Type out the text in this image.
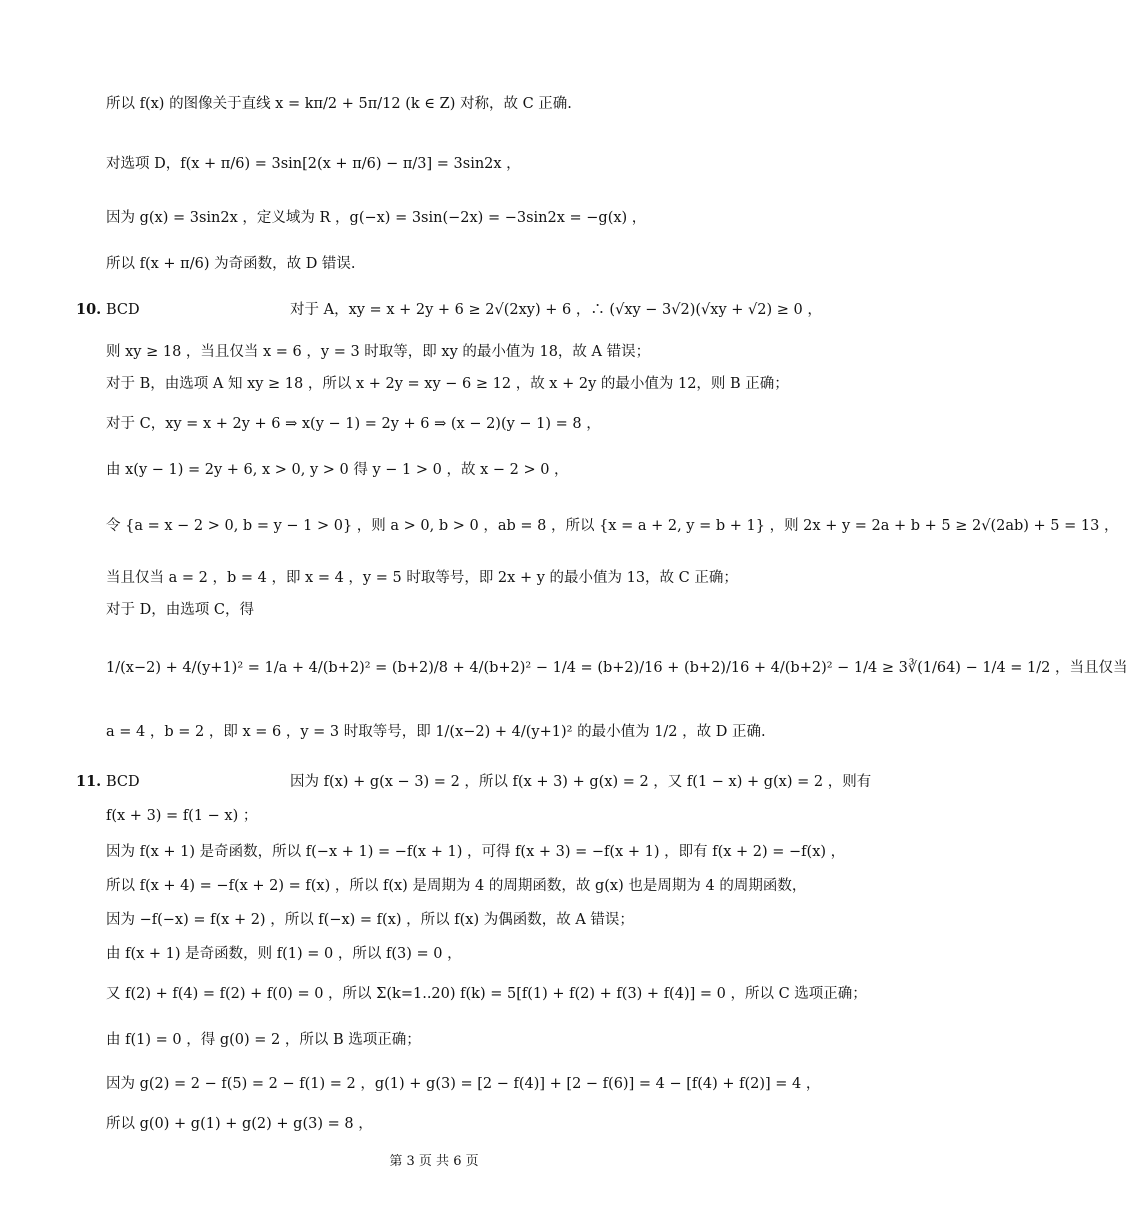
所以 f(x) 的图像关于直线 x = kπ/2 + 5π/12 (k ∈ Z) 对称，故 C 正确.
对选项 D，f(x + π/6) = 3sin[2(x + π/6) − π/3] = 3sin2x ，
因为 g(x) = 3sin2x ，定义域为 R ，g(−x) = 3sin(−2x) = −3sin2x = −g(x) ，
所以 f(x + π/6) 为奇函数，故 D 错误.
10. BCD	对于 A，xy = x + 2y + 6 ≥ 2√(2xy) + 6 ，∴ (√xy − 3√2)(√xy + √2) ≥ 0 ，
则 xy ≥ 18 ，当且仅当 x = 6 ，y = 3 时取等，即 xy 的最小值为 18，故 A 错误；
对于 B，由选项 A 知 xy ≥ 18 ，所以 x + 2y = xy − 6 ≥ 12 ，故 x + 2y 的最小值为 12，则 B 正确；
对于 C，xy = x + 2y + 6 ⇒ x(y − 1) = 2y + 6 ⇒ (x − 2)(y − 1) = 8 ，
由 x(y − 1) = 2y + 6, x > 0, y > 0 得 y − 1 > 0 ，故 x − 2 > 0 ，
令 {a = x − 2 > 0, b = y − 1 > 0} ，则 a > 0, b > 0 ，ab = 8 ，所以 {x = a + 2, y = b + 1} ，则 2x + y = 2a + b + 5 ≥ 2√(2ab) + 5 = 13 ，
当且仅当 a = 2 ，b = 4 ，即 x = 4 ，y = 5 时取等号，即 2x + y 的最小值为 13，故 C 正确；
对于 D，由选项 C，得
1/(x−2) + 4/(y+1)² = 1/a + 4/(b+2)² = (b+2)/8 + 4/(b+2)² − 1/4 = (b+2)/16 + (b+2)/16 + 4/(b+2)² − 1/4 ≥ 3∛(1/64) − 1/4 = 1/2 ，当且仅当
a = 4 ，b = 2 ，即 x = 6 ，y = 3 时取等号，即 1/(x−2) + 4/(y+1)² 的最小值为 1/2 ，故 D 正确.
11. BCD	因为 f(x) + g(x − 3) = 2 ，所以 f(x + 3) + g(x) = 2 ，又 f(1 − x) + g(x) = 2 ，则有
f(x + 3) = f(1 − x) ；
因为 f(x + 1) 是奇函数，所以 f(−x + 1) = −f(x + 1) ，可得 f(x + 3) = −f(x + 1) ，即有 f(x + 2) = −f(x) ，
所以 f(x + 4) = −f(x + 2) = f(x) ，所以 f(x) 是周期为 4 的周期函数，故 g(x) 也是周期为 4 的周期函数，
因为 −f(−x) = f(x + 2) ，所以 f(−x) = f(x) ，所以 f(x) 为偶函数，故 A 错误；
由 f(x + 1) 是奇函数，则 f(1) = 0 ，所以 f(3) = 0 ，
又 f(2) + f(4) = f(2) + f(0) = 0 ，所以 Σ(k=1..20) f(k) = 5[f(1) + f(2) + f(3) + f(4)] = 0 ，所以 C 选项正确；
由 f(1) = 0 ，得 g(0) = 2 ，所以 B 选项正确；
因为 g(2) = 2 − f(5) = 2 − f(1) = 2 ，g(1) + g(3) = [2 − f(4)] + [2 − f(6)] = 4 − [f(4) + f(2)] = 4 ，
所以 g(0) + g(1) + g(2) + g(3) = 8 ，
第 3 页 共 6 页
